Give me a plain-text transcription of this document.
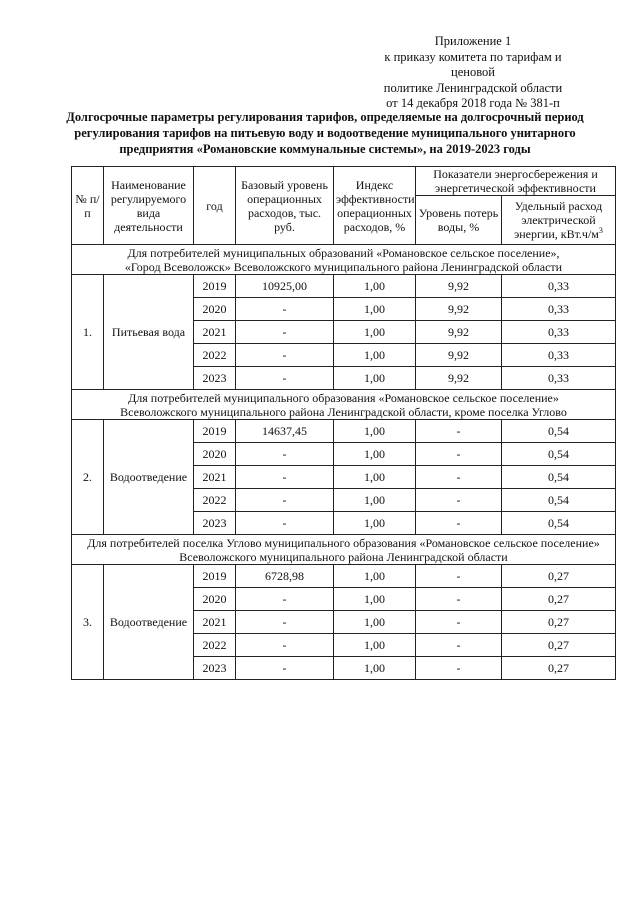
Приложение 1
к приказу комитета по тарифам и ценовой
политике Ленинградской области
от 14 декабря 2018 года № 381-п
Долгосрочные параметры регулирования тарифов, определяемые на долгосрочный период
регулирования тарифов на питьевую воду и водоотведение муниципального унитарного
предприятия «Романовские коммунальные системы», на 2019-2023 годы
№ п/п	Наименование регулируемого вида деятельности	год	Базовый уровень операционных расходов, тыс. руб.	Индекс эффективности операционных расходов, %	Показатели энергосбережения и энергетической эффективности	
					Уровень потерь воды, %	Удельный расход электрической энергии, $кВт.ч/м^3$

Для потребителей муниципальных образований «Романовское сельское поселение»,
«Город Всеволожск» Всеволожского муниципального района Ленинградской области						

1.	Питьевая вода	2019	10925,00	1,00	9,92	0,33
		2020	-	1,00	9,92	0,33
		2021	-	1,00	9,92	0,33
		2022	-	1,00	9,92	0,33
		2023	-	1,00	9,92	0,33

Для потребителей муниципального образования «Романовское сельское поселение»
Всеволожского муниципального района Ленинградской области, кроме поселка Углово						

2.	Водоотведение	2019	14637,45	1,00	-	0,54
		2020	-	1,00	-	0,54
		2021	-	1,00	-	0,54
		2022	-	1,00	-	0,54
		2023	-	1,00	-	0,54

Для потребителей поселка Углово муниципального образования «Романовское сельское поселение»
Всеволожского муниципального района Ленинградской области						

3.	Водоотведение	2019	6728,98	1,00	-	0,27
		2020	-	1,00	-	0,27
		2021	-	1,00	-	0,27
		2022	-	1,00	-	0,27
		2023	-	1,00	-	0,27
